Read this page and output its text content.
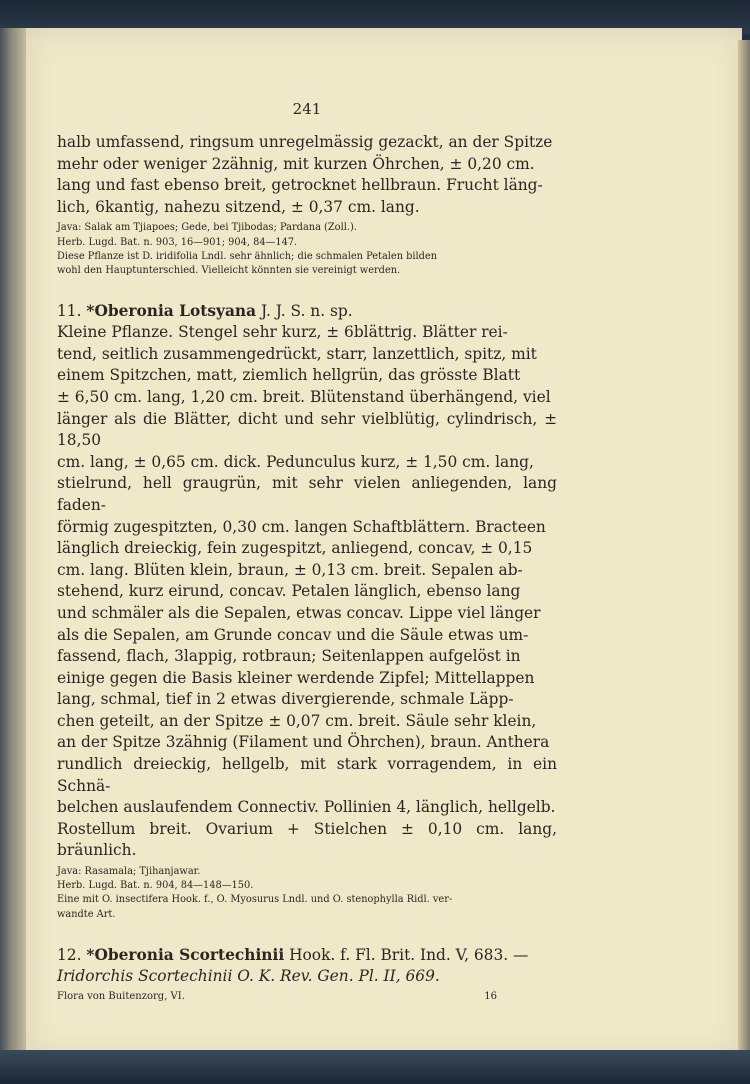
241

halb umfassend, ringsum unregelmässig gezackt, an der Spitze

mehr oder weniger 2zähnig, mit kurzen Öhrchen, ± 0,20 cm.

lang und fast ebenso breit, getrocknet hellbraun. Frucht läng-

lich, 6kantig, nahezu sitzend, ± 0,37 cm. lang.

Java: Salak am Tjiapoes; Gede, bei Tjibodas; Pardana (Zoll.).
Herb. Lugd. Bat. n. 903, 16—901; 904, 84—147.
Diese Pflanze ist D. iridifolia Lndl. sehr ähnlich; die schmalen Petalen bilden
wohl den Hauptunterschied. Vielleicht könnten sie vereinigt werden.
11. *Oberonia Lotsyana J. J. S. n. sp.

Kleine Pflanze. Stengel sehr kurz, ± 6blättrig. Blätter rei-

tend, seitlich zusammengedrückt, starr, lanzettlich, spitz, mit

einem Spitzchen, matt, ziemlich hellgrün, das grösste Blatt

± 6,50 cm. lang, 1,20 cm. breit. Blütenstand überhängend, viel

länger als die Blätter, dicht und sehr vielblütig, cylindrisch, ± 18,50

cm. lang, ± 0,65 cm. dick. Pedunculus kurz, ± 1,50 cm. lang,

stielrund, hell graugrün, mit sehr vielen anliegenden, lang faden-

förmig zugespitzten, 0,30 cm. langen Schaftblättern. Bracteen

länglich dreieckig, fein zugespitzt, anliegend, concav, ± 0,15

cm. lang. Blüten klein, braun, ± 0,13 cm. breit. Sepalen ab-

stehend, kurz eirund, concav. Petalen länglich, ebenso lang

und schmäler als die Sepalen, etwas concav. Lippe viel länger

als die Sepalen, am Grunde concav und die Säule etwas um-

fassend, flach, 3lappig, rotbraun; Seitenlappen aufgelöst in

einige gegen die Basis kleiner werdende Zipfel; Mittellappen

lang, schmal, tief in 2 etwas divergierende, schmale Läpp-

chen geteilt, an der Spitze ± 0,07 cm. breit. Säule sehr klein,

an der Spitze 3zähnig (Filament und Öhrchen), braun. Anthera

rundlich dreieckig, hellgelb, mit stark vorragendem, in ein Schnä-

belchen auslaufendem Connectiv. Pollinien 4, länglich, hellgelb.

Rostellum breit. Ovarium + Stielchen ± 0,10 cm. lang, bräunlich.

Java: Rasamala; Tjihanjawar.
Herb. Lugd. Bat. n. 904, 84—148—150.
Eine mit O. insectifera Hook. f., O. Myosurus Lndl. und O. stenophylla Ridl. ver-
wandte Art.
12. *Oberonia Scortechinii Hook. f. Fl. Brit. Ind. V, 683. —

Iridorchis Scortechinii O. K. Rev. Gen. Pl. II, 669.

Flora von Buitenzorg, VI.	16
